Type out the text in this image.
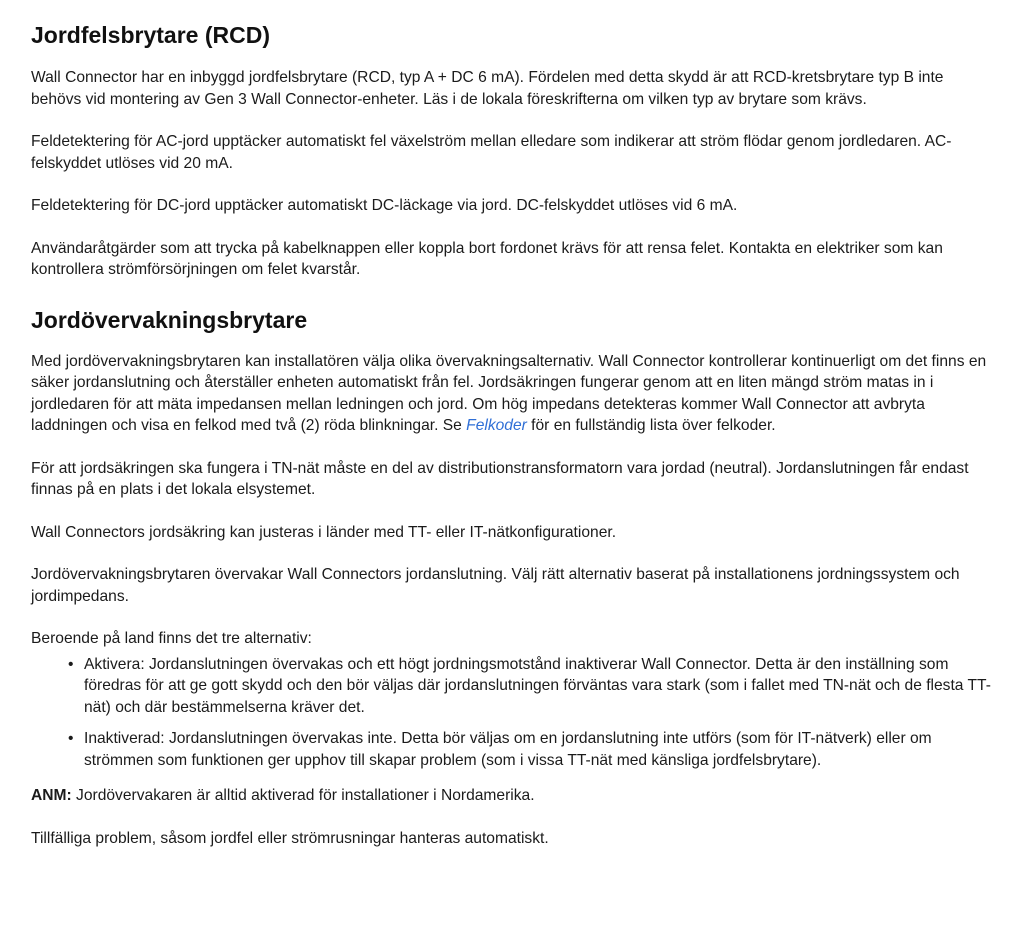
Jordfelsbrytare (RCD)

Wall Connector har en inbyggd jordfelsbrytare (RCD, typ A + DC 6 mA). Fördelen med detta skydd är att RCD-kretsbrytare typ B inte behövs vid montering av Gen 3 Wall Connector-enheter. Läs i de lokala föreskrifterna om vilken typ av brytare som krävs.

Feldetektering för AC-jord upptäcker automatiskt fel växelström mellan elledare som indikerar att ström flödar genom jordledaren. AC-felskyddet utlöses vid 20 mA.

Feldetektering för DC-jord upptäcker automatiskt DC-läckage via jord. DC-felskyddet utlöses vid 6 mA.

Användaråtgärder som att trycka på kabelknappen eller koppla bort fordonet krävs för att rensa felet. Kontakta en elektriker som kan kontrollera strömförsörjningen om felet kvarstår.

Jordövervakningsbrytare

Med jordövervakningsbrytaren kan installatören välja olika övervakningsalternativ. Wall Connector kontrollerar kontinuerligt om det finns en säker jordanslutning och återställer enheten automatiskt från fel. Jordsäkringen fungerar genom att en liten mängd ström matas in i jordledaren för att mäta impedansen mellan ledningen och jord. Om hög impedans detekteras kommer Wall Connector att avbryta laddningen och visa en felkod med två (2) röda blinkningar. Se Felkoder för en fullständig lista över felkoder.

För att jordsäkringen ska fungera i TN-nät måste en del av distributionstransformatorn vara jordad (neutral). Jordanslutningen får endast finnas på en plats i det lokala elsystemet.

Wall Connectors jordsäkring kan justeras i länder med TT- eller IT-nätkonfigurationer.

Jordövervakningsbrytaren övervakar Wall Connectors jordanslutning. Välj rätt alternativ baserat på installationens jordningssystem och jordimpedans.

Beroende på land finns det tre alternativ:

• Aktivera: Jordanslutningen övervakas och ett högt jordningsmotstånd inaktiverar Wall Connector. Detta är den inställning som föredras för att ge gott skydd och den bör väljas där jordanslutningen förväntas vara stark (som i fallet med TN-nät och de flesta TT-nät) och där bestämmelserna kräver det.
• Inaktiverad: Jordanslutningen övervakas inte. Detta bör väljas om en jordanslutning inte utförs (som för IT-nätverk) eller om strömmen som funktionen ger upphov till skapar problem (som i vissa TT-nät med känsliga jordfelsbrytare).

ANM: Jordövervakaren är alltid aktiverad för installationer i Nordamerika.

Tillfälliga problem, såsom jordfel eller strömrusningar hanteras automatiskt.
